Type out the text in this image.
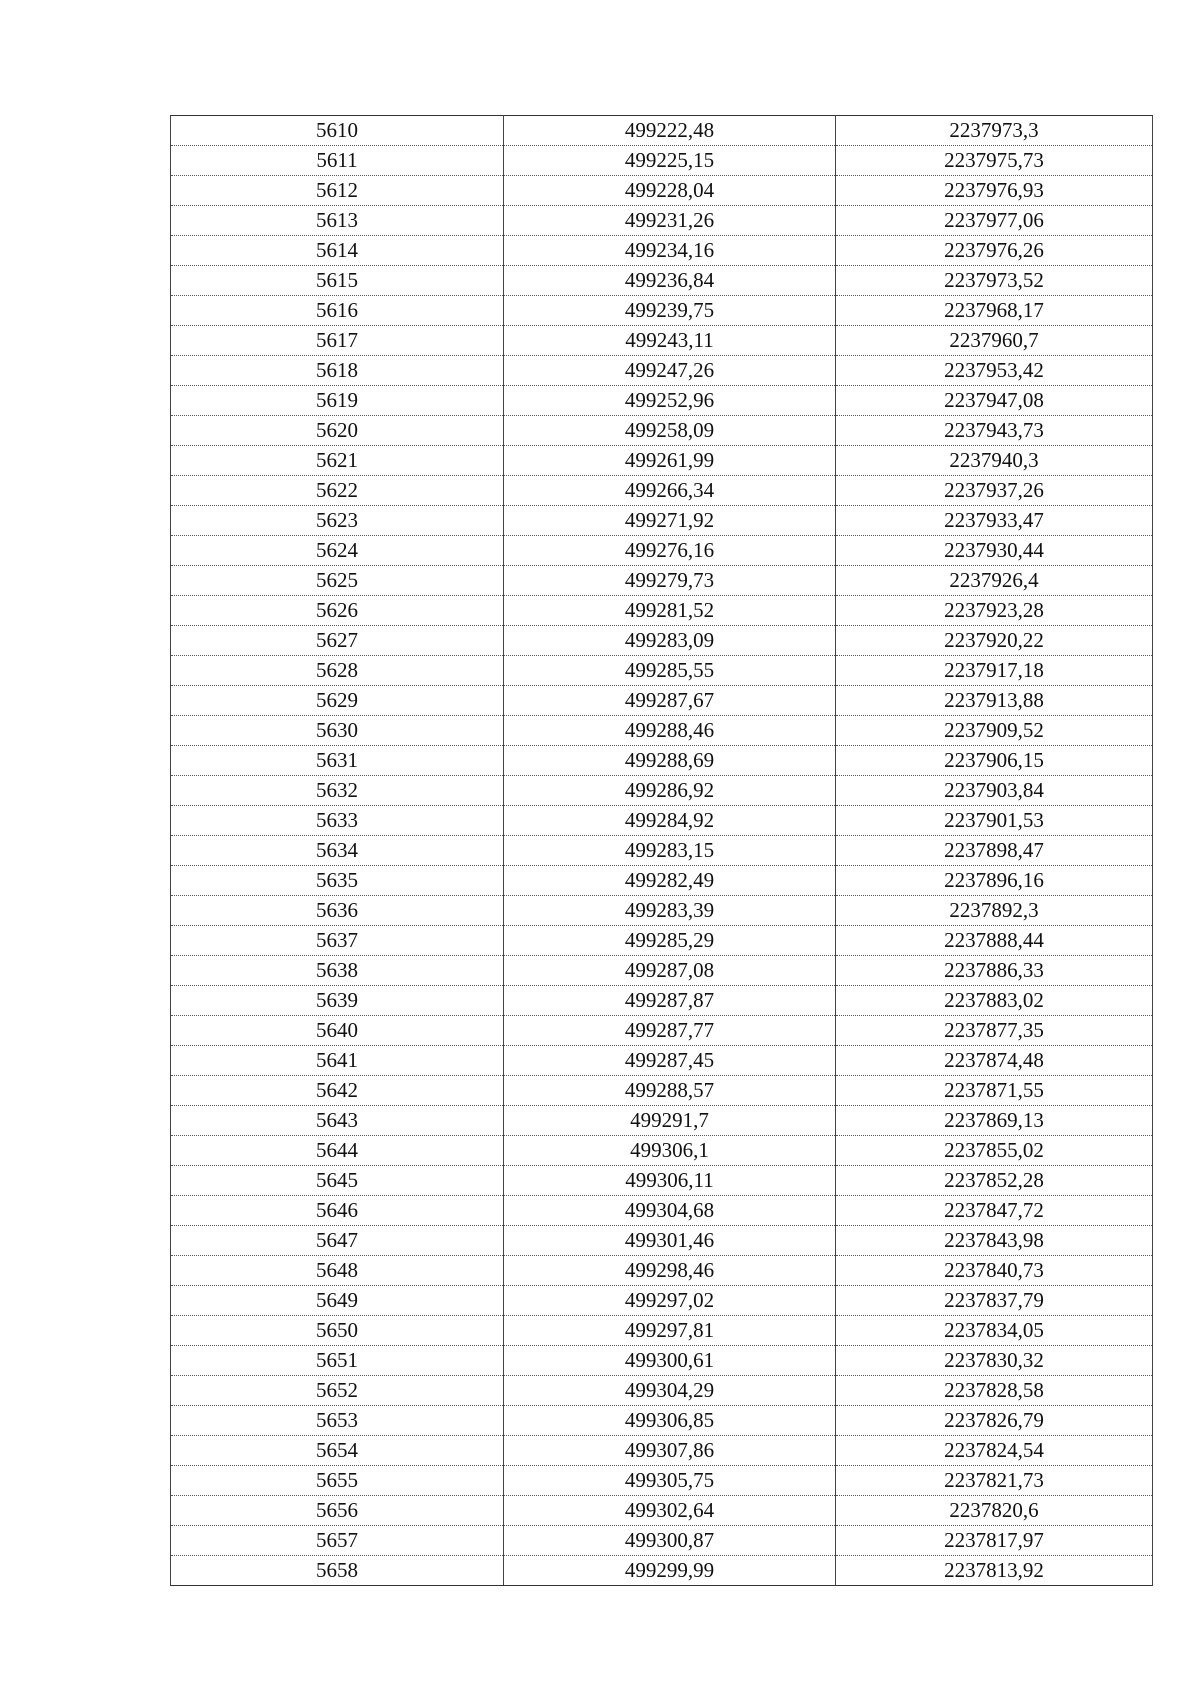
5610	499222,48	2237973,3
5611	499225,15	2237975,73
5612	499228,04	2237976,93
5613	499231,26	2237977,06
5614	499234,16	2237976,26
5615	499236,84	2237973,52
5616	499239,75	2237968,17
5617	499243,11	2237960,7
5618	499247,26	2237953,42
5619	499252,96	2237947,08
5620	499258,09	2237943,73
5621	499261,99	2237940,3
5622	499266,34	2237937,26
5623	499271,92	2237933,47
5624	499276,16	2237930,44
5625	499279,73	2237926,4
5626	499281,52	2237923,28
5627	499283,09	2237920,22
5628	499285,55	2237917,18
5629	499287,67	2237913,88
5630	499288,46	2237909,52
5631	499288,69	2237906,15
5632	499286,92	2237903,84
5633	499284,92	2237901,53
5634	499283,15	2237898,47
5635	499282,49	2237896,16
5636	499283,39	2237892,3
5637	499285,29	2237888,44
5638	499287,08	2237886,33
5639	499287,87	2237883,02
5640	499287,77	2237877,35
5641	499287,45	2237874,48
5642	499288,57	2237871,55
5643	499291,7	2237869,13
5644	499306,1	2237855,02
5645	499306,11	2237852,28
5646	499304,68	2237847,72
5647	499301,46	2237843,98
5648	499298,46	2237840,73
5649	499297,02	2237837,79
5650	499297,81	2237834,05
5651	499300,61	2237830,32
5652	499304,29	2237828,58
5653	499306,85	2237826,79
5654	499307,86	2237824,54
5655	499305,75	2237821,73
5656	499302,64	2237820,6
5657	499300,87	2237817,97
5658	499299,99	2237813,92
